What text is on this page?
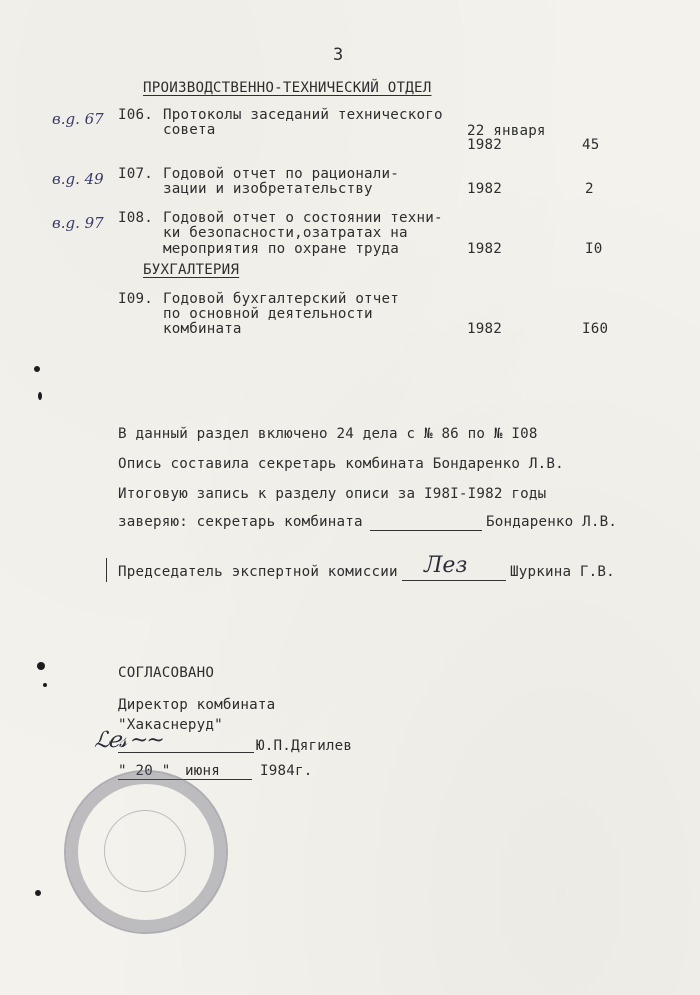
3
ПРОИЗВОДСТВЕННО-ТЕХНИЧЕСКИЙ ОТДЕЛ
в.g. 67 I06. Протоколы заседаний технического
совета	22 января
1982	45
в.g. 49 I07. Годовой отчет по рационали-
зации и изобретательству	1982	2
в.g. 97 I08. Годовой отчет о состоянии техни-
ки безопасности,озатратах на
мероприятия по охране труда	1982	I0
БУХГАЛТЕРИЯ
I09. Годовой бухгалтерский отчет
по основной деятельности
комбината	1982	I60
В данный раздел включено 24 дела с № 86 по № I08
Опись составила секретарь комбината Бондаренко Л.В.
Итоговую запись к разделу описи за I98I-I982 годы
заверяю: секретарь комбината	Бондаренко Л.В.
Председатель экспертной комиссии Лез	Шуркина Г.В.
СОГЛАСОВАНО
Директор комбината
"Хакаснеруд"
ℒℯ𝓈 ~~	Ю.П.Дягилев
" 20 " июня	I984г.
